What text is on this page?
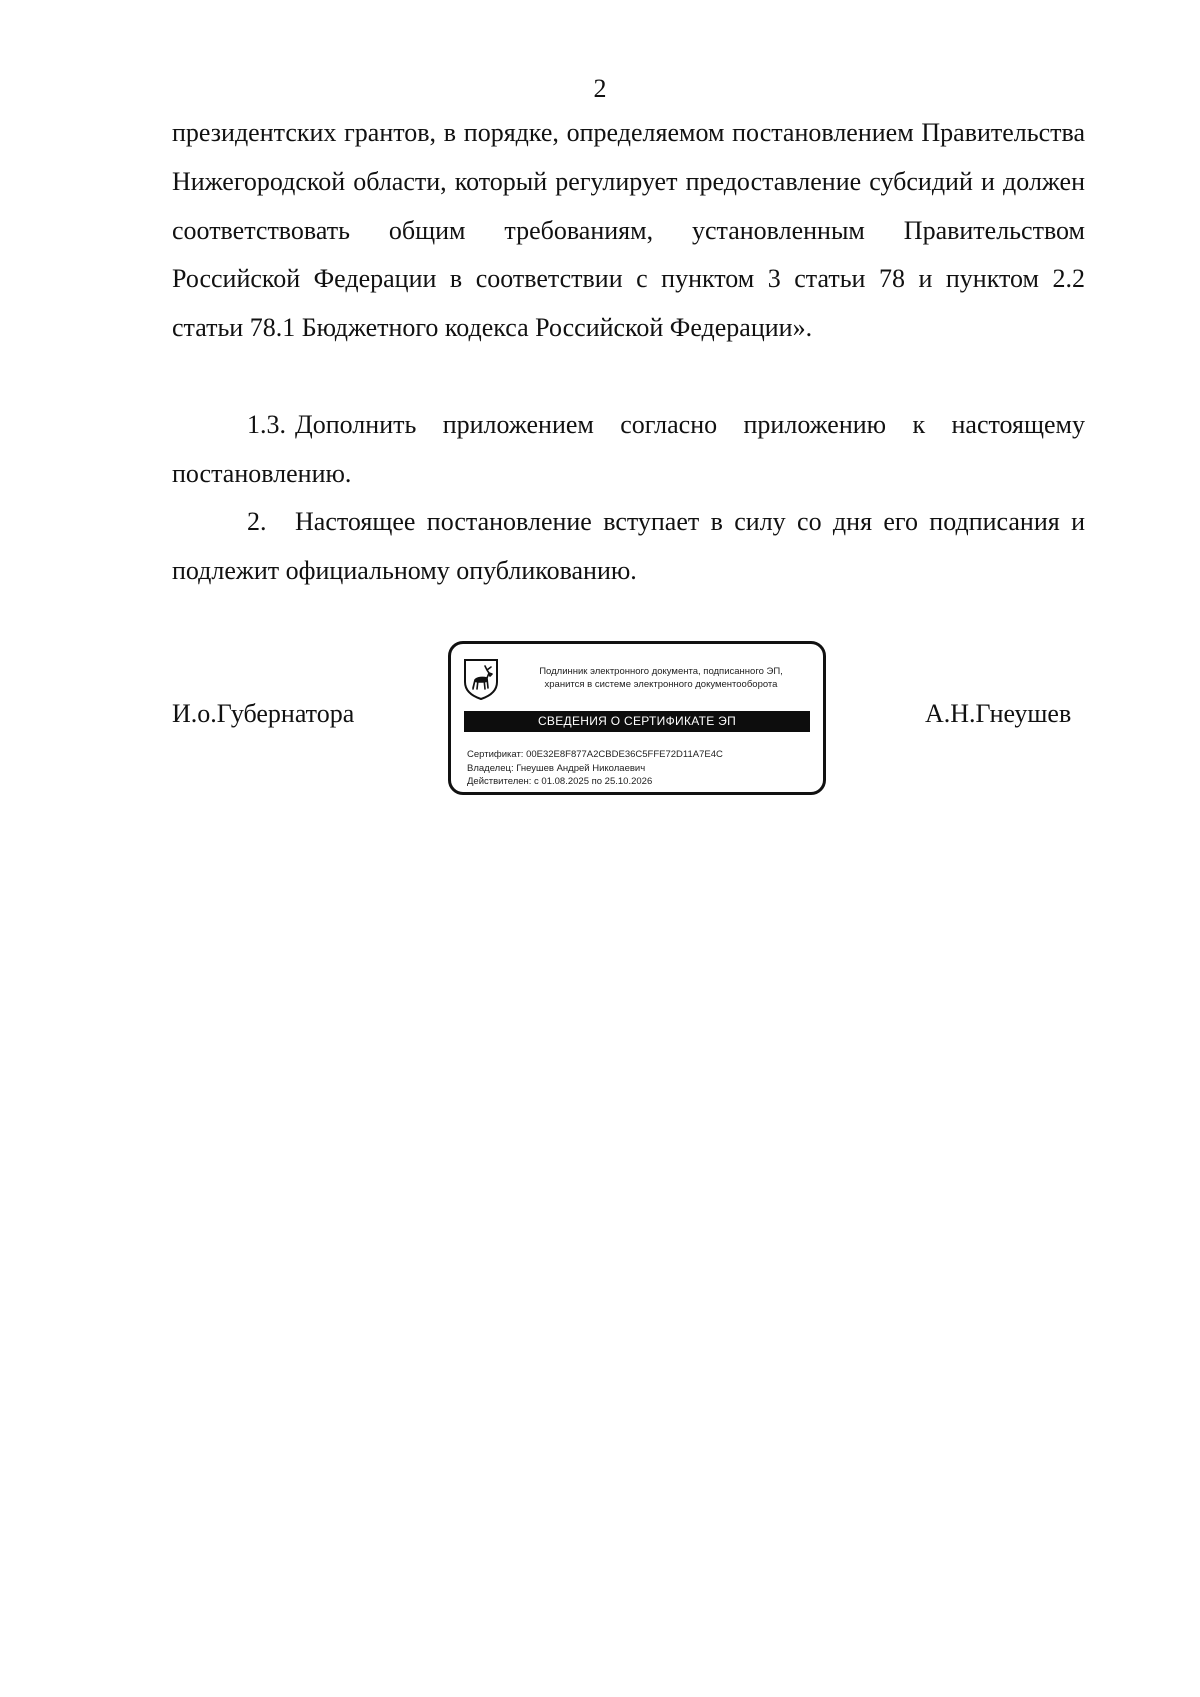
2

президентских грантов, в порядке, определяемом постановлением Правительства Нижегородской области, который регулирует предоставление субсидий и должен соответствовать общим требованиям, установленным Правительством Российской Федерации в соответствии с пунктом 3 статьи 78 и пунктом 2.2 статьи 78.1 Бюджетного кодекса Российской Федерации».

1.3. Дополнить приложением согласно приложению к настоящему постановлению.

2. Настоящее постановление вступает в силу со дня его подписания и подлежит официальному опубликованию.

И.о.Губернатора	А.Н.Гнеушев
Подлинник электронного документа, подписанного ЭП,
хранится в системе электронного документооборота
СВЕДЕНИЯ О СЕРТИФИКАТЕ ЭП
Сертификат: 00E32E8F877A2CBDE36C5FFE72D11A7E4C
Владелец: Гнеушев Андрей Николаевич
Действителен: с 01.08.2025 по 25.10.2026
